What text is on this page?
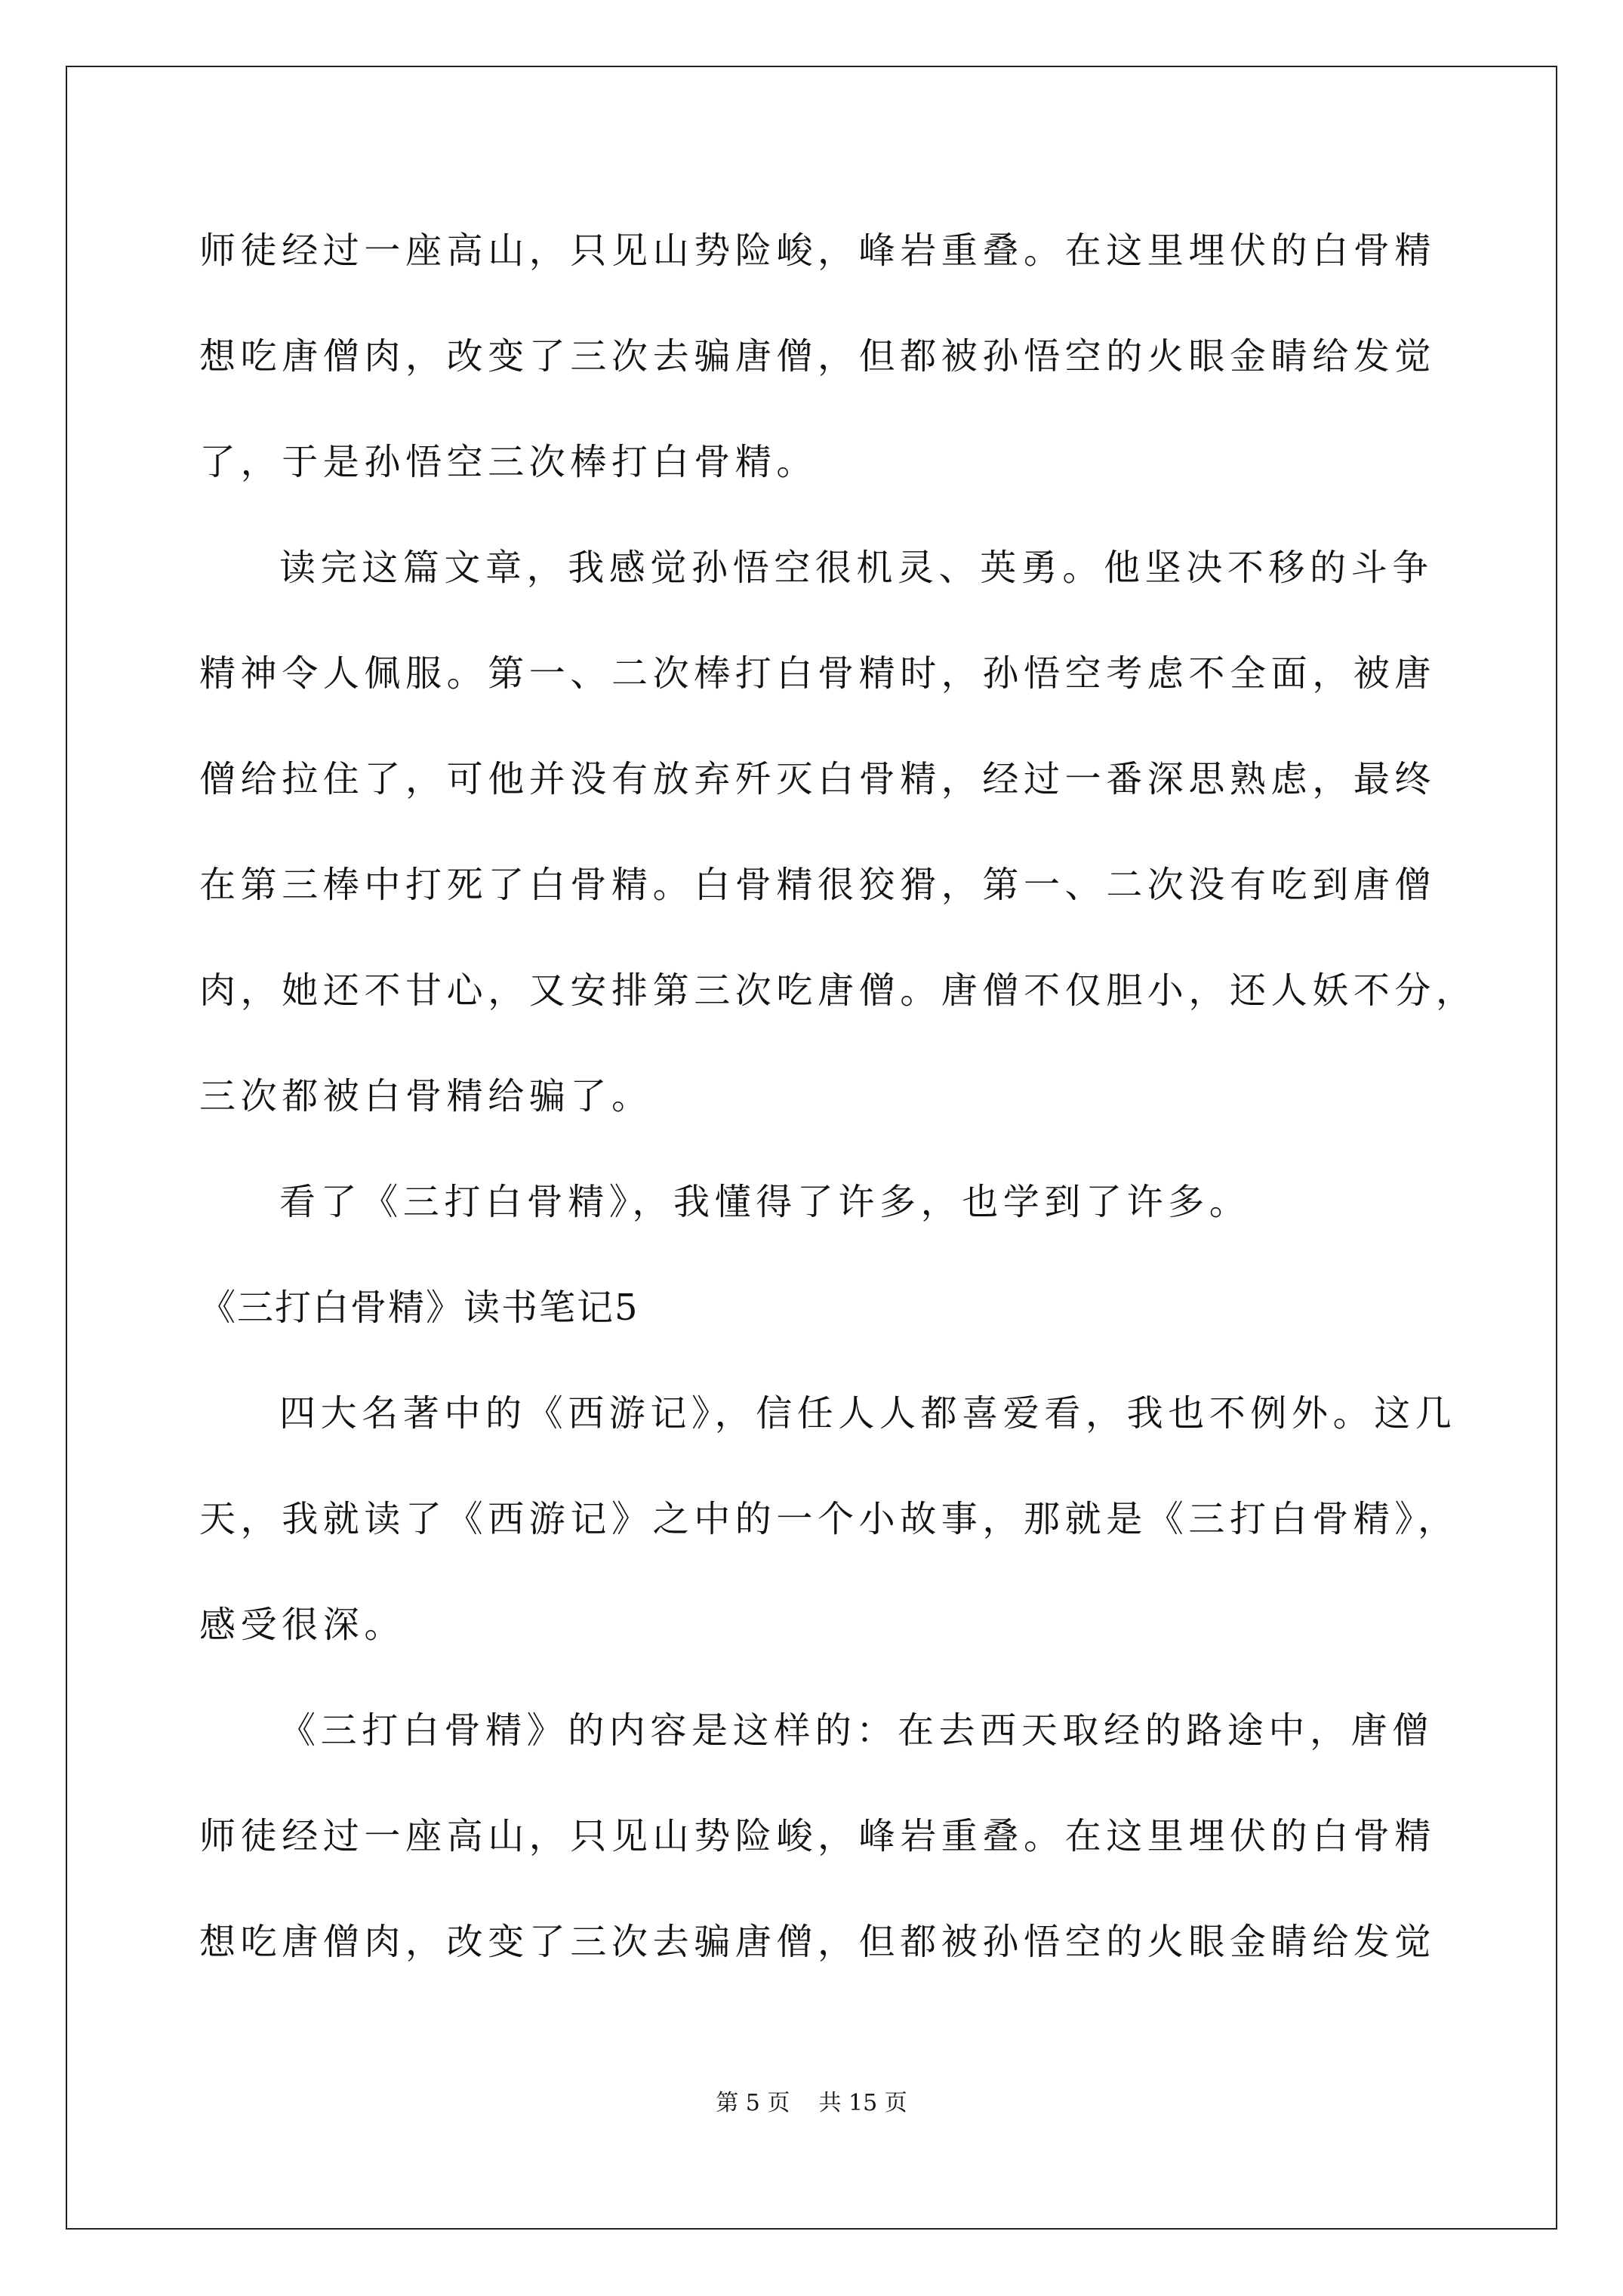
师徒经过一座高山，只见山势险峻，峰岩重叠。在这里埋伏的白骨精
想吃唐僧肉，改变了三次去骗唐僧，但都被孙悟空的火眼金睛给发觉
了，于是孙悟空三次棒打白骨精。
读完这篇文章，我感觉孙悟空很机灵、英勇。他坚决不移的斗争
精神令人佩服。第一、二次棒打白骨精时，孙悟空考虑不全面，被唐
僧给拉住了，可他并没有放弃歼灭白骨精，经过一番深思熟虑，最终
在第三棒中打死了白骨精。白骨精很狡猾，第一、二次没有吃到唐僧
肉，她还不甘心，又安排第三次吃唐僧。唐僧不仅胆小，还人妖不分，
三次都被白骨精给骗了。
看了《三打白骨精》，我懂得了许多，也学到了许多。
《三打白骨精》读书笔记5
四大名著中的《西游记》，信任人人都喜爱看，我也不例外。这几
天，我就读了《西游记》之中的一个小故事，那就是《三打白骨精》，
感受很深。
《三打白骨精》的内容是这样的：在去西天取经的路途中，唐僧
师徒经过一座高山，只见山势险峻，峰岩重叠。在这里埋伏的白骨精
想吃唐僧肉，改变了三次去骗唐僧，但都被孙悟空的火眼金睛给发觉
第 5 页    共 15 页
